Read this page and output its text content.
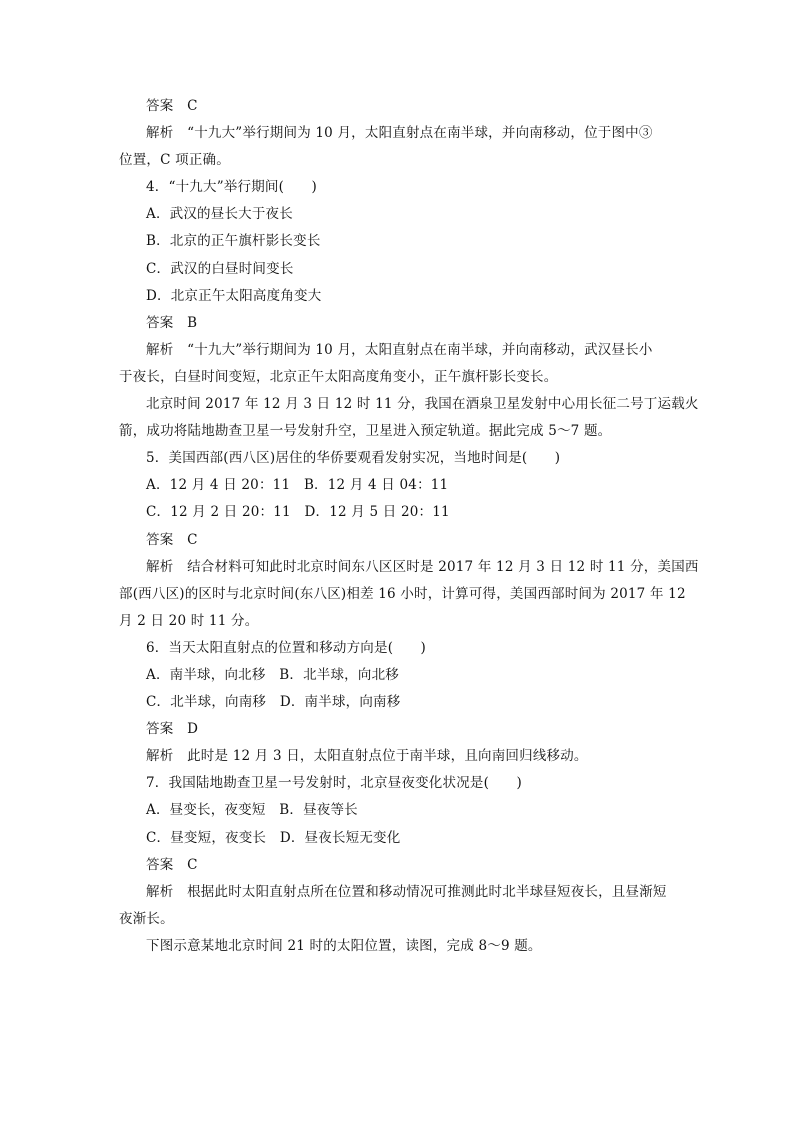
答案　C
解析　“十九大”举行期间为 10 月，太阳直射点在南半球，并向南移动，位于图中③
位置，C 项正确。
4．“十九大”举行期间(　　)
A．武汉的昼长大于夜长
B．北京的正午旗杆影长变长
C．武汉的白昼时间变长
D．北京正午太阳高度角变大
答案　B
解析　“十九大”举行期间为 10 月，太阳直射点在南半球，并向南移动，武汉昼长小
于夜长，白昼时间变短，北京正午太阳高度角变小，正午旗杆影长变长。
北京时间 2017 年 12 月 3 日 12 时 11 分，我国在酒泉卫星发射中心用长征二号丁运载火
箭，成功将陆地勘查卫星一号发射升空，卫星进入预定轨道。据此完成 5～7 题。
5．美国西部(西八区)居住的华侨要观看发射实况，当地时间是(　　)
A．12 月 4 日 20：11　B．12 月 4 日 04：11
C．12 月 2 日 20：11　D．12 月 5 日 20：11
答案　C
解析　结合材料可知此时北京时间东八区区时是 2017 年 12 月 3 日 12 时 11 分，美国西
部(西八区)的区时与北京时间(东八区)相差 16 小时，计算可得，美国西部时间为 2017 年 12
月 2 日 20 时 11 分。
6．当天太阳直射点的位置和移动方向是(　　)
A．南半球，向北移　B．北半球，向北移
C．北半球，向南移　D．南半球，向南移
答案　D
解析　此时是 12 月 3 日，太阳直射点位于南半球，且向南回归线移动。
7．我国陆地勘查卫星一号发射时，北京昼夜变化状况是(　　)
A．昼变长，夜变短　B．昼夜等长
C．昼变短，夜变长　D．昼夜长短无变化
答案　C
解析　根据此时太阳直射点所在位置和移动情况可推测此时北半球昼短夜长，且昼渐短
夜渐长。
下图示意某地北京时间 21 时的太阳位置，读图，完成 8～9 题。
